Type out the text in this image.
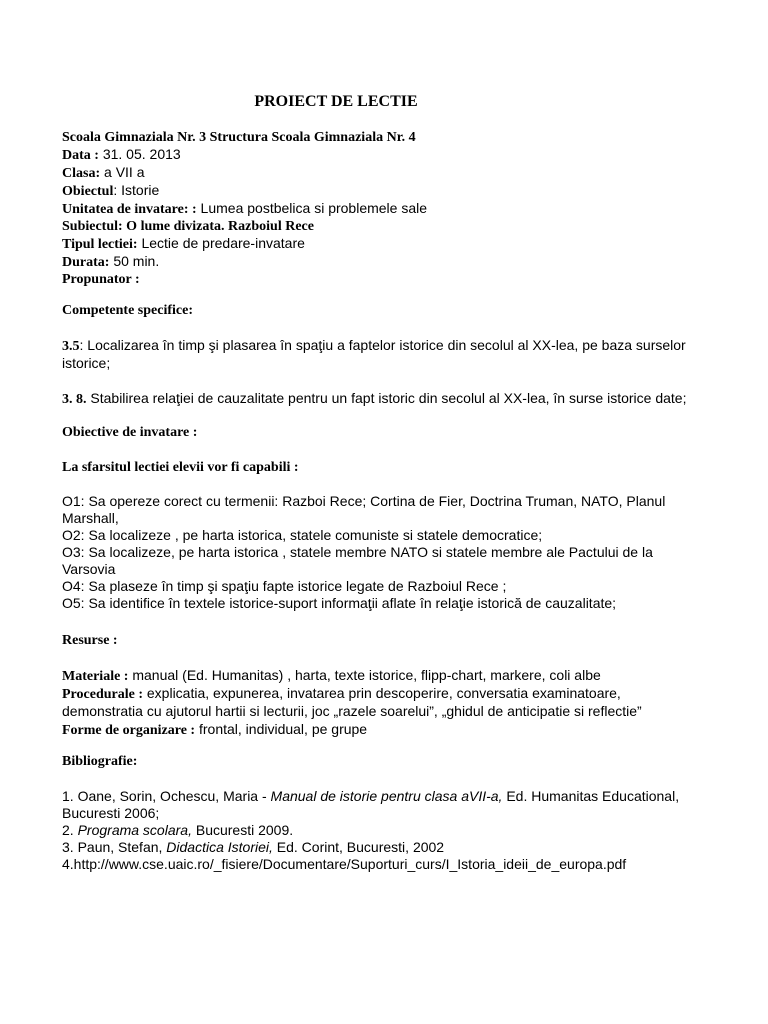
PROIECT DE LECTIE
Scoala Gimnaziala Nr. 3 Structura Scoala Gimnaziala Nr. 4
Data : 31. 05. 2013
Clasa: a VII a
Obiectul: Istorie
Unitatea de invatare: : Lumea postbelica si problemele sale
Subiectul: O lume divizata. Razboiul Rece
Tipul lectiei: Lectie de predare-invatare
Durata: 50 min.
Propunator :
Competente specifice:

3.5: Localizarea în timp şi plasarea în spaţiu a faptelor istorice din secolul al XX-lea, pe baza surselor istorice;

3. 8. Stabilirea relaţiei de cauzalitate pentru un fapt istoric din secolul al XX-lea, în surse istorice date;

Obiective de invatare :
La sfarsitul lectiei elevii vor fi capabili :
O1: Sa opereze corect cu termenii: Razboi Rece; Cortina de Fier, Doctrina Truman, NATO, Planul Marshall,
O2: Sa localizeze , pe harta istorica, statele comuniste si statele democratice;
O3: Sa localizeze, pe harta istorica , statele membre NATO si statele membre ale Pactului de la Varsovia
O4: Sa plaseze în timp şi spaţiu fapte istorice legate de Razboiul Rece ;
O5: Sa identifice în textele istorice-suport informaţii aflate în relaţie istorică de cauzalitate;
Resurse :
Materiale : manual (Ed. Humanitas) , harta, texte istorice, flipp-chart, markere, coli albe
Procedurale : explicatia, expunerea, invatarea prin descoperire, conversatia examinatoare, demonstratia cu ajutorul hartii si lecturii, joc „razele soarelui”, „ghidul de anticipatie si reflectie”
Forme de organizare : frontal, individual, pe grupe
Bibliografie:
1. Oane, Sorin, Ochescu, Maria - Manual de istorie pentru clasa aVII-a, Ed. Humanitas Educational, Bucuresti 2006;
2. Programa scolara, Bucuresti 2009.
3. Paun, Stefan, Didactica Istoriei, Ed. Corint, Bucuresti, 2002
4.http://www.cse.uaic.ro/_fisiere/Documentare/Suporturi_curs/I_Istoria_ideii_de_europa.pdf
